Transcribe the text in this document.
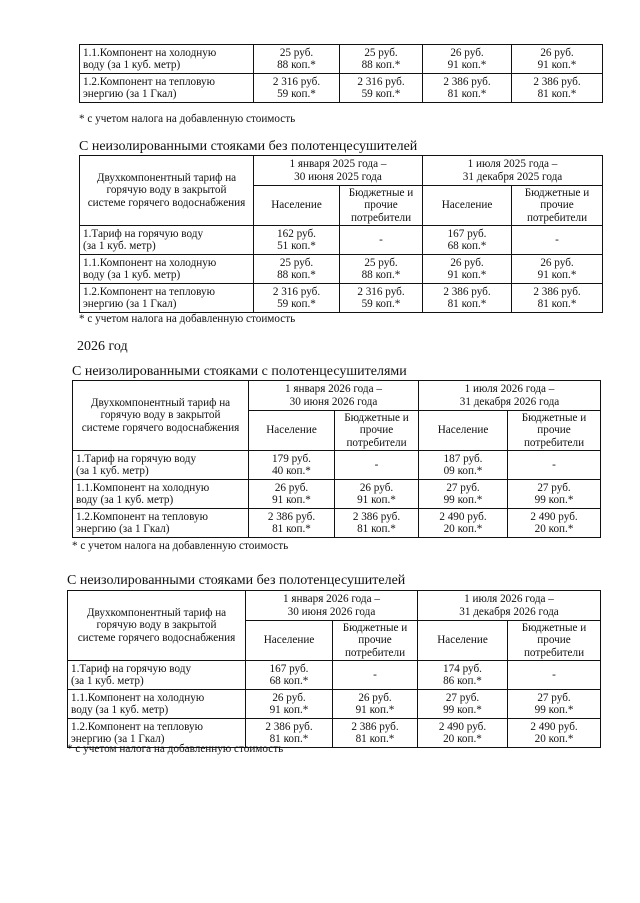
1.1.Компонент на холодную
воду (за 1 куб. метр)	25 руб.
88 коп.*	25 руб.
88 коп.*	26 руб.
91 коп.*	26 руб.
91 коп.*

1.2.Компонент на тепловую
энергию (за 1 Гкал)	2 316 руб.
59 коп.*	2 316 руб.
59 коп.*	2 386 руб.
81 коп.*	2 386 руб.
81 коп.*
* с учетом налога на добавленную стоимость
С неизолированными стояками без полотенцесушителей
Двухкомпонентный тариф на
горячую воду в закрытой
системе горячего водоснабжения	1 января 2025 года –
30 июня 2025 года		1 июля 2025 года –
31 декабря 2025 года	

	Население	Бюджетные и
прочие
потребители	Население	Бюджетные и
прочие
потребители

1.Тариф на горячую воду
(за 1 куб. метр)	162 руб.
51 коп.*	-	167 руб.
68 коп.*	-

1.1.Компонент на холодную
воду (за 1 куб. метр)	25 руб.
88 коп.*	25 руб.
88 коп.*	26 руб.
91 коп.*	26 руб.
91 коп.*

1.2.Компонент на тепловую
энергию (за 1 Гкал)	2 316 руб.
59 коп.*	2 316 руб.
59 коп.*	2 386 руб.
81 коп.*	2 386 руб.
81 коп.*
* с учетом налога на добавленную стоимость
2026 год
С неизолированными стояками с полотенцесушителями
Двухкомпонентный тариф на
горячую воду в закрытой
системе горячего водоснабжения	1 января 2026 года –
30 июня 2026 года		1 июля 2026 года –
31 декабря 2026 года	

	Население	Бюджетные и
прочие
потребители	Население	Бюджетные и
прочие
потребители

1.Тариф на горячую воду
(за 1 куб. метр)	179 руб.
40 коп.*	-	187 руб.
09 коп.*	-

1.1.Компонент на холодную
воду (за 1 куб. метр)	26 руб.
91 коп.*	26 руб.
91 коп.*	27 руб.
99 коп.*	27 руб.
99 коп.*

1.2.Компонент на тепловую
энергию (за 1 Гкал)	2 386 руб.
81 коп.*	2 386 руб.
81 коп.*	2 490 руб.
20 коп.*	2 490 руб.
20 коп.*
* с учетом налога на добавленную стоимость
С неизолированными стояками без полотенцесушителей
Двухкомпонентный тариф на
горячую воду в закрытой
системе горячего водоснабжения	1 января 2026 года –
30 июня 2026 года		1 июля 2026 года –
31 декабря 2026 года	

	Население	Бюджетные и
прочие
потребители	Население	Бюджетные и
прочие
потребители

1.Тариф на горячую воду
(за 1 куб. метр)	167 руб.
68 коп.*	-	174 руб.
86 коп.*	-

1.1.Компонент на холодную
воду (за 1 куб. метр)	26 руб.
91 коп.*	26 руб.
91 коп.*	27 руб.
99 коп.*	27 руб.
99 коп.*

1.2.Компонент на тепловую
энергию (за 1 Гкал)	2 386 руб.
81 коп.*	2 386 руб.
81 коп.*	2 490 руб.
20 коп.*	2 490 руб.
20 коп.*
* с учетом налога на добавленную стоимость
